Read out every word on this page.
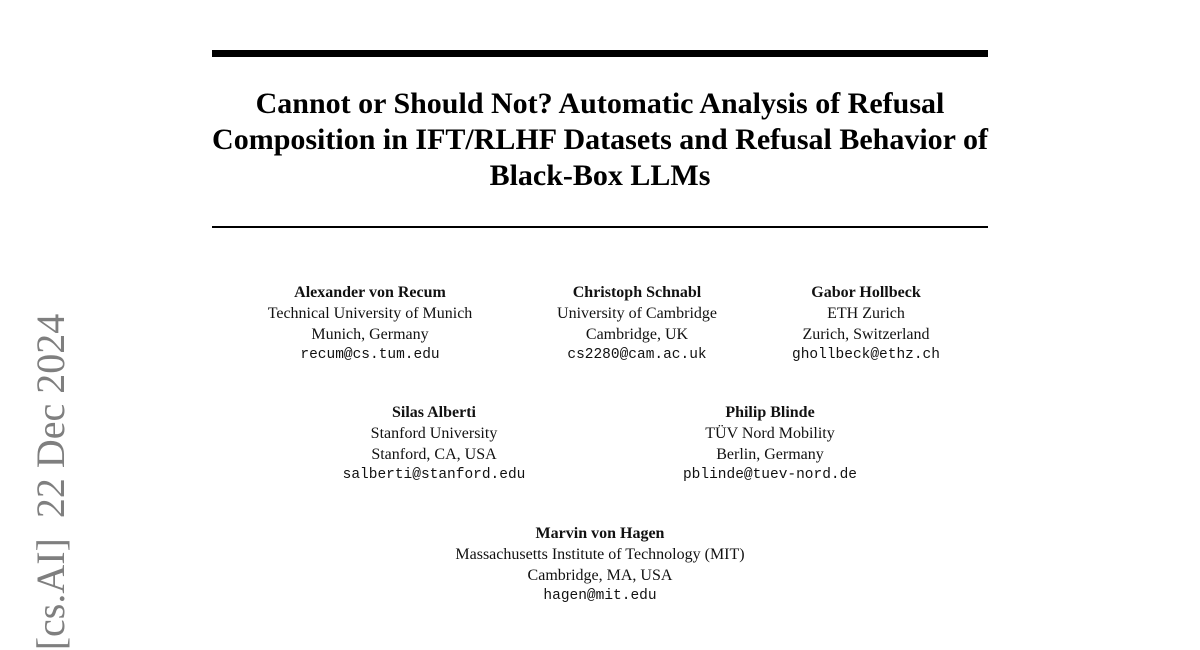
Cannot or Should Not? Automatic Analysis of Refusal Composition in IFT/RLHF Datasets and Refusal Behavior of Black-Box LLMs
[cs.AI]22 Dec 2024
Alexander von Recum
Technical University of Munich
Munich, Germany
recum@cs.tum.edu
Christoph Schnabl
University of Cambridge
Cambridge, UK
cs2280@cam.ac.uk
Gabor Hollbeck
ETH Zurich
Zurich, Switzerland
ghollbeck@ethz.ch
Silas Alberti
Stanford University
Stanford, CA, USA
salberti@stanford.edu
Philip Blinde
TÜV Nord Mobility
Berlin, Germany
pblinde@tuev-nord.de
Marvin von Hagen
Massachusetts Institute of Technology (MIT)
Cambridge, MA, USA
hagen@mit.edu
